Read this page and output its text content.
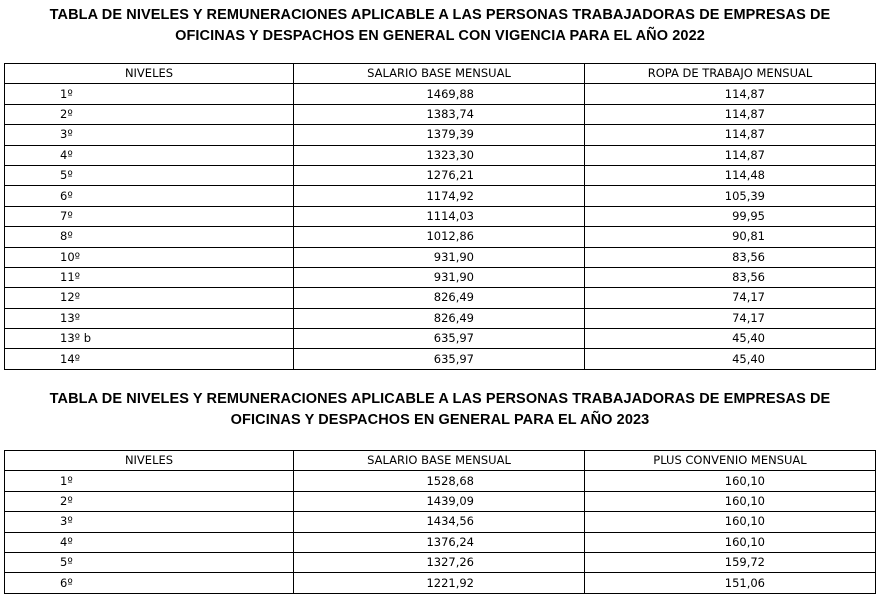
TABLA DE NIVELES Y REMUNERACIONES APLICABLE A LAS PERSONAS TRABAJADORAS DE EMPRESAS DE
OFICINAS Y DESPACHOS EN GENERAL CON VIGENCIA PARA EL AÑO 2022
NIVELES	SALARIO BASE MENSUAL	ROPA DE TRABAJO MENSUAL
1º	1469,88	114,87
2º	1383,74	114,87
3º	1379,39	114,87
4º	1323,30	114,87
5º	1276,21	114,48
6º	1174,92	105,39
7º	1114,03	99,95
8º	1012,86	90,81
10º	931,90	83,56
11º	931,90	83,56
12º	826,49	74,17
13º	826,49	74,17
13º b	635,97	45,40
14º	635,97	45,40
TABLA DE NIVELES Y REMUNERACIONES APLICABLE A LAS PERSONAS TRABAJADORAS DE EMPRESAS DE
OFICINAS Y DESPACHOS EN GENERAL PARA EL AÑO 2023
NIVELES	SALARIO BASE MENSUAL	PLUS CONVENIO MENSUAL
1º	1528,68	160,10
2º	1439,09	160,10
3º	1434,56	160,10
4º	1376,24	160,10
5º	1327,26	159,72
6º	1221,92	151,06
